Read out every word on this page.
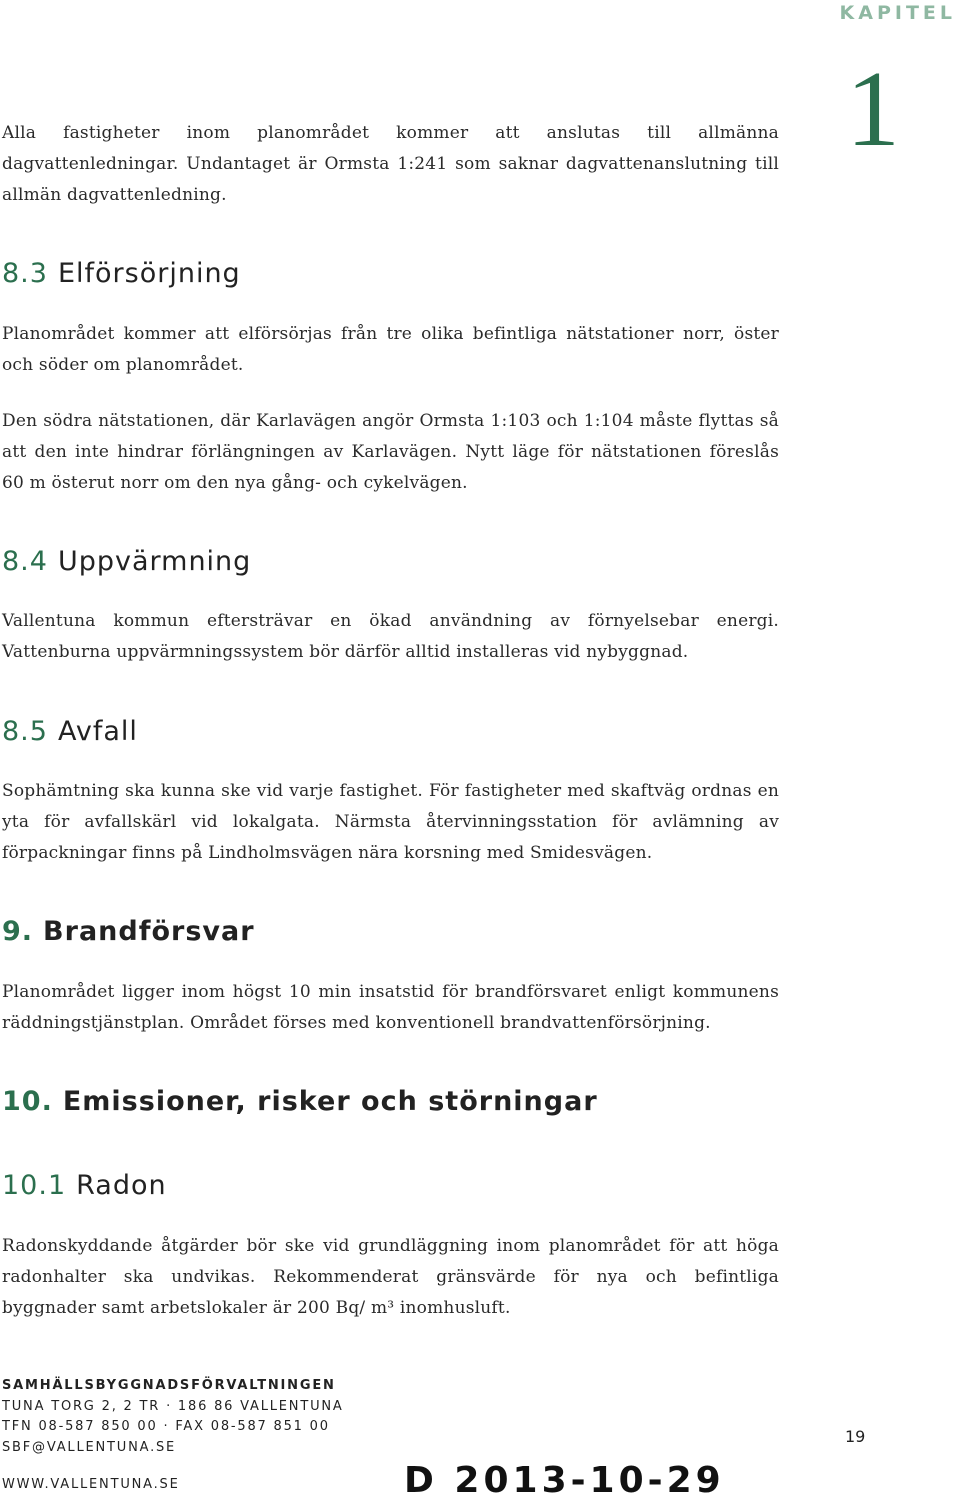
KAPITEL
1

Alla fastigheter inom planområdet kommer att anslutas till allmänna dagvattenledningar. Undantaget är Ormsta 1:241 som saknar dagvattenanslutning till allmän dagvattenledning.

8.3 Elförsörjning

Planområdet kommer att elförsörjas från tre olika befintliga nätstationer norr, öster och söder om planområdet.

Den södra nätstationen, där Karlavägen angör Ormsta 1:103 och 1:104 måste flyttas så att den inte hindrar förlängningen av Karlavägen. Nytt läge för nätstationen föreslås 60 m österut norr om den nya gång- och cykelvägen.

8.4 Uppvärmning

Vallentuna kommun eftersträvar en ökad användning av förnyelsebar energi. Vattenburna uppvärmningssystem bör därför alltid installeras vid nybyggnad.

8.5 Avfall

Sophämtning ska kunna ske vid varje fastighet. För fastigheter med skaftväg ordnas en yta för avfallskärl vid lokalgata. Närmsta återvinningsstation för avlämning av förpackningar finns på Lindholmsvägen nära korsning med Smidesvägen.

9. Brandförsvar

Planområdet ligger inom högst 10 min insatstid för brandförsvaret enligt kommunens räddningstjänstplan. Området förses med konventionell brandvattenförsörjning.

10. Emissioner, risker och störningar
10.1 Radon

Radonskyddande åtgärder bör ske vid grundläggning inom planområdet för att höga radonhalter ska undvikas. Rekommenderat gränsvärde för nya och befintliga byggnader samt arbetslokaler är 200 Bq/ m³ inomhusluft.

SAMHÄLLSBYGGNADSFÖRVALTNINGEN
TUNA TORG 2, 2 TR · 186 86 VALLENTUNA
TFN 08-587 850 00 · FAX 08-587 851 00
SBF@VALLENTUNA.SE
WWW.VALLENTUNA.SE	D 2013-10-29
19
